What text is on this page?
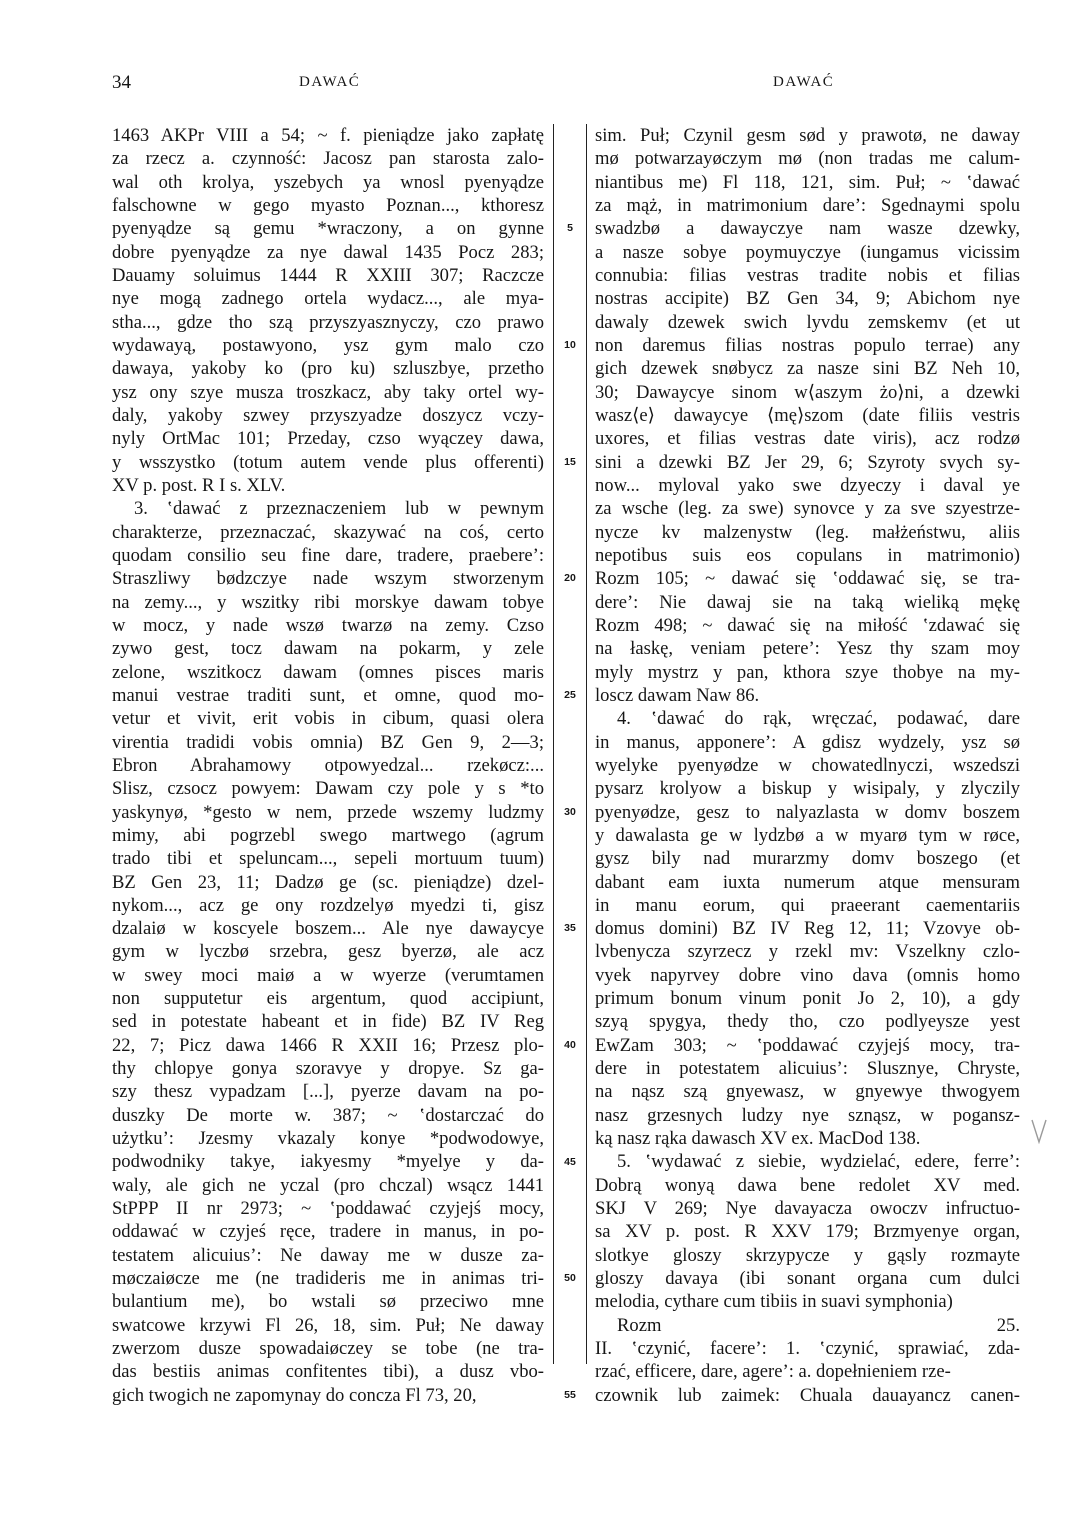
34	DAWAĆ	DAWAĆ
1463 AKPr VIII a 54; ~ f. pieniądze jako zapłatę
za rzecz a. czynność: Jacosz pan starosta zalo-
wal oth krolya, yszebych ya wnosl pyenyądze
falschowne w gego myasto Poznan..., kthoresz
pyenyądze są gemu *wraczony, a on gynne
dobre pyenyądze za nye dawal 1435 Pocz 283;
Dauamy soluimus 1444 R XXIII 307; Raczcze
nye mogą zadnego ortela wydacz..., ale mya-
stha..., gdze tho szą przyszyasznyczy, czo prawo
wydawayą, postawyono, ysz gym malo czo
dawaya, yakoby ko (pro ku) szluszbye, przetho
ysz ony szye musza troszkacz, aby taky ortel wy-
daly, yakoby szwey przyszyadze doszycz vczy-
nyly OrtMac 101; Przeday, czso wyączey dawa,
y wsszystko (totum autem vende plus offerenti)
XV p. post. R I s. XLV.
3. ʽdawać z przeznaczeniem lub w pewnym
charakterze, przeznaczać, skazywać na coś, certo
quodam consilio seu fine dare, tradere, praebereʼ:
Straszliwy bødzczye nade wszym stworzenym
na zemy..., y wszitky ribi morskye dawam tobye
w mocz, y nade wszø twarzø na zemy. Czso
zywo gest, tocz dawam na pokarm, y zele
zelone, wszitkocz dawam (omnes pisces maris
manui vestrae traditi sunt, et omne, quod mo-
vetur et vivit, erit vobis in cibum, quasi olera
virentia tradidi vobis omnia) BZ Gen 9, 2—3;
Ebron Abrahamowy otpowyedzal... rzekøcz:...
Slisz, czsocz powyem: Dawam czy pole y s *to
yaskynyø, *gesto w nem, przede wszemy ludzmy
mimy, abi pogrzebl swego martwego (agrum
trado tibi et speluncam..., sepeli mortuum tuum)
BZ Gen 23, 11; Dadzø ge (sc. pieniądze) dzel-
nykom..., acz ge ony rozdzelyø myedzi ti, gisz
dzalaiø w koscyele boszem... Ale nye dawaycye
gym w lyczbø srzebra, gesz byerzø, ale acz
w swey moci maiø a w wyerze (verumtamen
non supputetur eis argentum, quod accipiunt,
sed in potestate habeant et in fide) BZ IV Reg
22, 7; Picz dawa 1466 R XXII 16; Przesz plo-
thy chlopye gonya szoravye y dropye. Sz ga-
szy thesz vypadzam [...], pyerze davam na po-
duszky De morte w. 387; ~ ʽdostarczać do
użytkuʼ: Jzesmy vkazaly konye *podwodowye,
podwodniky takye, iakyesmy *myelye y da-
waly, ale gich ne yczal (pro chczal) wsącz 1441
StPPP II nr 2973; ~ ʽpoddawać czyjejś mocy,
oddawać w czyjeś ręce, tradere in manus, in po-
testatem alicuiusʼ: Ne daway me w dusze za-
møczaiøcze me (ne tradideris me in animas tri-
bulantium me), bo wstali sø przeciwo mne
swatcowe krzywi Fl 26, 18, sim. Puł; Ne daway
zwerzom dusze spowadaiøczey se tobe (ne tra-
das bestiis animas confitentes tibi), a dusz vbo-
gich twogich ne zapomynay do concza Fl 73, 20,
5
10
15
20
25
30
35
40
45
50
55
sim. Puł; Czynil gesm sød y prawotø, ne daway
mø potwarzayøczym mø (non tradas me calum-
niantibus me) Fl 118, 121, sim. Puł; ~ ʽdawać
za mąż, in matrimonium dareʼ: Sgednaymi spolu
swadzbø a dawayczye nam wasze dzewky,
a nasze sobye poymuyczye (iungamus vicissim
connubia: filias vestras tradite nobis et filias
nostras accipite) BZ Gen 34, 9; Abichom nye
dawaly dzewek swich lyvdu zemskemv (et ut
non daremus filias nostras populo terrae) any
gich dzewek snøbycz za nasze sini BZ Neh 10,
30; Dawaycye sinom w⟨aszym żo⟩ni, a dzewki
wasz⟨e⟩ dawaycye ⟨mę⟩szom (date filiis vestris
uxores, et filias vestras date viris), acz rodzø
sini a dzewki BZ Jer 29, 6; Szyroty svych sy-
now... myloval yako swe dzyeczy i daval ye
za wsche (leg. za swe) synovce y za sve szyestrze-
nycze kv malzenystw (leg. małżeństwu, aliis
nepotibus suis eos copulans in matrimonio)
Rozm 105; ~ dawać się ʽoddawać się, se tra-
dereʼ: Nie dawaj sie na taką wieliką mękę
Rozm 498; ~ dawać się na miłość ʽzdawać się
na łaskę, veniam petereʼ: Yesz thy szam moy
myly mystrz y pan, kthora szye thobye na my-
loscz dawam Naw 86.
4. ʽdawać do rąk, wręczać, podawać, dare
in manus, apponereʼ: A gdisz wydzely, ysz sø
wyelyke pyenyødze w chowatedlnyczi, wszedszi
pysarz krolyow a biskup y wisipaly, y zlyczily
pyenyødze, gesz to nalyazlasta w domv boszem
y dawalasta ge w lydzbø a w myarø tym w røce,
gysz bily nad murarzmy domv boszego (et
dabant eam iuxta numerum atque mensuram
in manu eorum, qui praeerant caementariis
domus domini) BZ IV Reg 12, 11; Vzovye ob-
lvbenycza szyrzecz y rzekl mv: Vszelkny czlo-
vyek napyrvey dobre vino dava (omnis homo
primum bonum vinum ponit Jo 2, 10), a gdy
szyą spygya, thedy tho, czo podlyeysze yest
EwZam 303; ~ ʽpoddawać czyjejś mocy, tra-
dere in potestatem alicuiusʼ: Slusznye, Chryste,
na nąsz szą gnyewasz, w gnyewye thwogyem
nasz grzesnych ludzy nye sznąsz, w pogansz-
ką nasz rąka dawasch XV ex. MacDod 138.
5. ʽwydawać z siebie, wydzielać, edere, ferreʼ:
Dobrą wonyą dawa bene redolet XV med.
SKJ V 269; Nye davayacza owoczv infructuo-
sa XV p. post. R XXV 179; Brzmyenye organ,
slotkye gloszy skrzypycze y gąsly rozmayte
gloszy davaya (ibi sonant organa cum dulci
melodia, cythare cum tibiis in suavi symphonia)
Rozm 25.
II. ʽczynić, facereʼ: 1. ʽczynić, sprawiać, zda-
rzać, efficere, dare, agereʼ: a. dopełnieniem rze-
czownik lub zaimek: Chuala dauayancz canen-
